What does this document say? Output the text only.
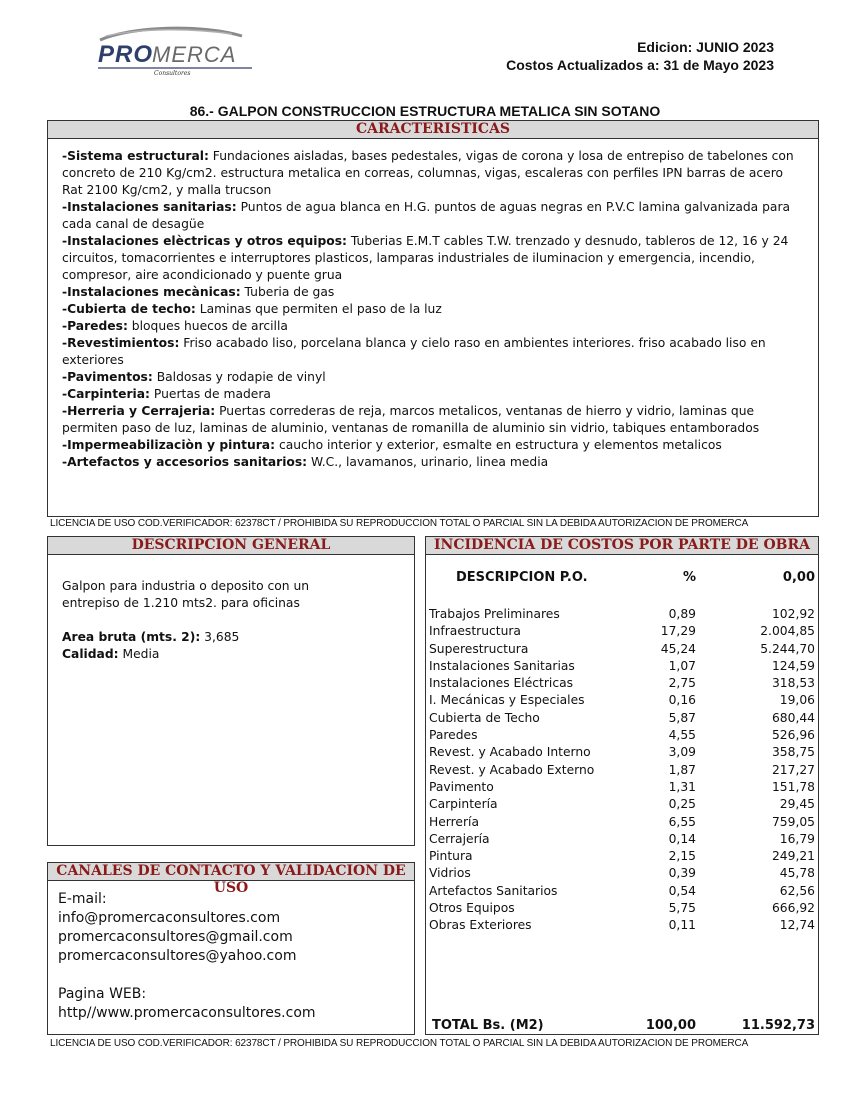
PRO
MERCA
Consultores
Edicion: JUNIO 2023
Costos Actualizados a: 31 de Mayo 2023
86.- GALPON CONSTRUCCION ESTRUCTURA METALICA SIN SOTANO
CARACTERISTICAS

-Sistema estructural: Fundaciones aisladas, bases pedestales, vigas de corona y losa de entrepiso de tabelones con concreto de 210 Kg/cm2. estructura metalica en correas, columnas, vigas, escaleras con perfiles IPN barras de acero Rat 2100 Kg/cm2, y malla trucson

-Instalaciones sanitarias: Puntos de agua blanca en H.G. puntos de aguas negras en P.V.C lamina galvanizada para cada canal de desagüe

-Instalaciones elèctricas y otros equipos: Tuberias E.M.T cables T.W. trenzado y desnudo, tableros de 12, 16 y 24 circuitos, tomacorrientes e interruptores plasticos, lamparas industriales de iluminacion y emergencia, incendio, compresor, aire acondicionado y puente grua

-Instalaciones mecànicas: Tuberia de gas

-Cubierta de techo: Laminas que permiten el paso de la luz

-Paredes: bloques huecos de arcilla

-Revestimientos: Friso acabado liso, porcelana blanca y cielo raso en ambientes interiores. friso acabado liso en exteriores

-Pavimentos: Baldosas y rodapie de vinyl

-Carpinteria: Puertas de madera

-Herreria y Cerrajeria: Puertas correderas de reja, marcos metalicos, ventanas de hierro y vidrio, laminas que permiten paso de luz, laminas de aluminio, ventanas de romanilla de aluminio sin vidrio, tabiques entamborados

-Impermeabilizaciòn y pintura: caucho interior y exterior, esmalte en estructura y elementos metalicos

-Artefactos y accesorios sanitarios: W.C., lavamanos, urinario, linea media

LICENCIA DE USO COD.VERIFICADOR: 62378CT / PROHIBIDA SU REPRODUCCION TOTAL O PARCIAL SIN LA DEBIDA AUTORIZACION DE PROMERCA
DESCRIPCION GENERAL
Galpon para industria o deposito con un entrepiso de 1.210 mts2. para oficinas
Area bruta (mts. 2): 3,685
Calidad: Media
CANALES DE CONTACTO Y VALIDACION DE USO
E-mail:
info@promercaconsultores.com
promercaconsultores@gmail.com
promercaconsultores@yahoo.com
Pagina WEB:
http//www.promercaconsultores.com
INCIDENCIA DE COSTOS POR PARTE DE OBRA
DESCRIPCION P.O.	%	0,00
Trabajos Preliminares	0,89	102,92
Infraestructura	17,29	2.004,85
Superestructura	45,24	5.244,70
Instalaciones Sanitarias	1,07	124,59
Instalaciones Eléctricas	2,75	318,53
I. Mecánicas y Especiales	0,16	19,06
Cubierta de Techo	5,87	680,44
Paredes	4,55	526,96
Revest. y Acabado Interno	3,09	358,75
Revest. y Acabado Externo	1,87	217,27
Pavimento	1,31	151,78
Carpintería	0,25	29,45
Herrería	6,55	759,05
Cerrajería	0,14	16,79
Pintura	2,15	249,21
Vidrios	0,39	45,78
Artefactos Sanitarios	0,54	62,56
Otros Equipos	5,75	666,92
Obras Exteriores	0,11	12,74
TOTAL Bs. (M2)	100,00	11.592,73
LICENCIA DE USO COD.VERIFICADOR: 62378CT / PROHIBIDA SU REPRODUCCION TOTAL O PARCIAL SIN LA DEBIDA AUTORIZACION DE PROMERCA
